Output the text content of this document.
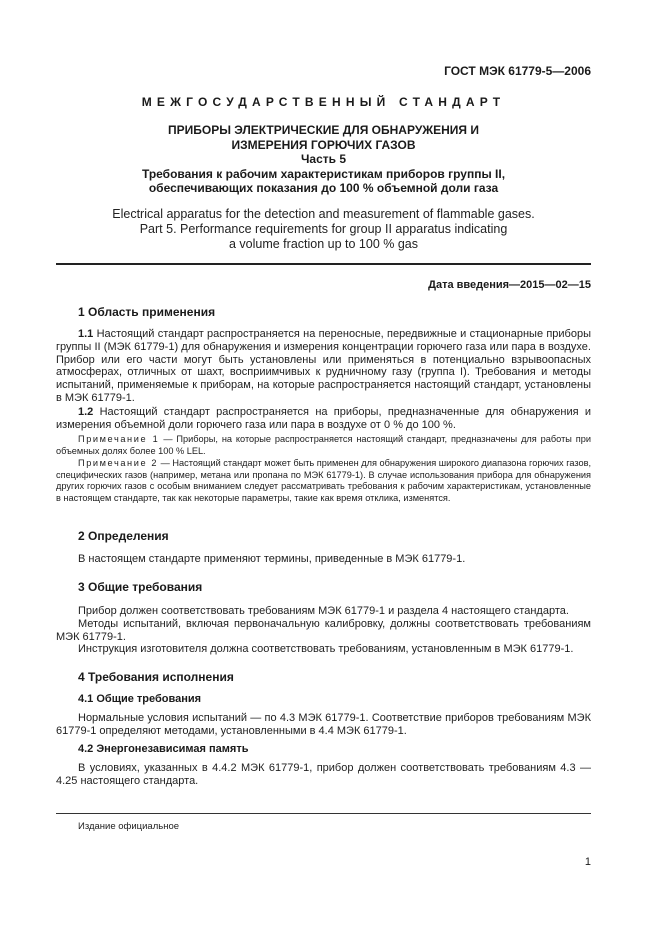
ГОСТ МЭК 61779-5—2006
МЕЖГОСУДАРСТВЕННЫЙ СТАНДАРТ
ПРИБОРЫ ЭЛЕКТРИЧЕСКИЕ ДЛЯ ОБНАРУЖЕНИЯ И
ИЗМЕРЕНИЯ ГОРЮЧИХ ГАЗОВ
Часть 5
Требования к рабочим характеристикам приборов группы II,
обеспечивающих показания до 100 % объемной доли газа
Electrical apparatus for the detection and measurement of flammable gases.
Part 5. Performance requirements for group II apparatus indicating
a volume fraction up to 100 % gas
Дата введения—2015—02—15
1 Область применения
1.1 Настоящий стандарт распространяется на переносные, передвижные и стационарные приборы группы II (МЭК 61779-1) для обнаружения и измерения концентрации горючего газа или пара в воздухе. Прибор или его части могут быть установлены или применяться в потенциально взрывоопасных атмосферах, отличных от шахт, восприимчивых к рудничному газу (группа I). Требования и методы испытаний, применяемые к приборам, на которые распространяется настоящий стандарт, установлены в МЭК 61779-1.
1.2 Настоящий стандарт распространяется на приборы, предназначенные для обнаружения и измерения объемной доли горючего газа или пара в воздухе от 0 % до 100 %.
Примечание 1 — Приборы, на которые распространяется настоящий стандарт, предназначены для работы при объемных долях более 100 % LEL.
Примечание 2 — Настоящий стандарт может быть применен для обнаружения широкого диапазона горючих газов, специфических газов (например, метана или пропана по МЭК 61779-1). В случае использования прибора для обнаружения других горючих газов с особым вниманием следует рассматривать требования к рабочим характеристикам, установленные в настоящем стандарте, так как некоторые параметры, такие как время отклика, изменятся.
2 Определения
В настоящем стандарте применяют термины, приведенные в МЭК 61779-1.
3 Общие требования
Прибор должен соответствовать требованиям МЭК 61779-1 и раздела 4 настоящего стандарта.
Методы испытаний, включая первоначальную калибровку, должны соответствовать требованиям МЭК 61779-1.
Инструкция изготовителя должна соответствовать требованиям, установленным в МЭК 61779-1.
4 Требования исполнения
4.1 Общие требования
Нормальные условия испытаний — по 4.3 МЭК 61779-1. Соответствие приборов требованиям МЭК 61779-1 определяют методами, установленными в 4.4 МЭК 61779-1.
4.2 Энергонезависимая память
В условиях, указанных в 4.4.2 МЭК 61779-1, прибор должен соответствовать требованиям 4.3 — 4.25 настоящего стандарта.
Издание официальное
1
